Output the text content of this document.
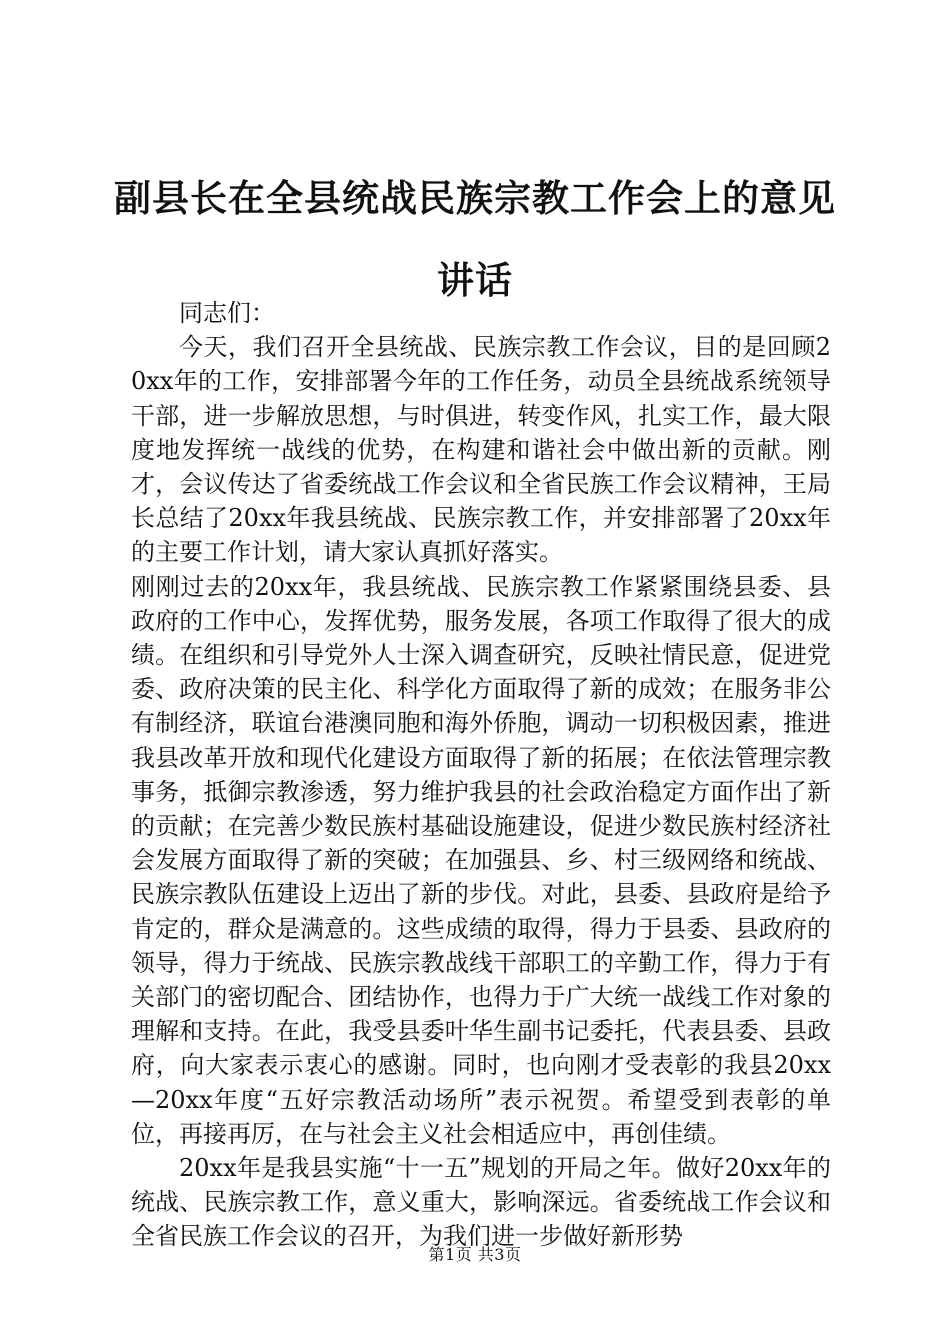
副县长在全县统战民族宗教工作会上的意见讲话

同志们：

今天，我们召开全县统战、民族宗教工作会议，目的是回顾20xx年的工作，安排部署今年的工作任务，动员全县统战系统领导干部，进一步解放思想，与时俱进，转变作风，扎实工作，最大限度地发挥统一战线的优势，在构建和谐社会中做出新的贡献。刚才，会议传达了省委统战工作会议和全省民族工作会议精神，王局长总结了20xx年我县统战、民族宗教工作，并安排部署了20xx年的主要工作计划，请大家认真抓好落实。

刚刚过去的20xx年，我县统战、民族宗教工作紧紧围绕县委、县政府的工作中心，发挥优势，服务发展，各项工作取得了很大的成绩。在组织和引导党外人士深入调查研究，反映社情民意，促进党委、政府决策的民主化、科学化方面取得了新的成效；在服务非公有制经济，联谊台港澳同胞和海外侨胞，调动一切积极因素，推进我县改革开放和现代化建设方面取得了新的拓展；在依法管理宗教事务，抵御宗教渗透，努力维护我县的社会政治稳定方面作出了新的贡献；在完善少数民族村基础设施建设，促进少数民族村经济社会发展方面取得了新的突破；在加强县、乡、村三级网络和统战、民族宗教队伍建设上迈出了新的步伐。对此，县委、县政府是给予肯定的，群众是满意的。这些成绩的取得，得力于县委、县政府的领导，得力于统战、民族宗教战线干部职工的辛勤工作，得力于有关部门的密切配合、团结协作，也得力于广大统一战线工作对象的理解和支持。在此，我受县委叶华生副书记委托，代表县委、县政府，向大家表示衷心的感谢。同时，也向刚才受表彰的我县20xx—20xx年度“五好宗教活动场所”表示祝贺。希望受到表彰的单位，再接再厉，在与社会主义社会相适应中，再创佳绩。

20xx年是我县实施“十一五”规划的开局之年。做好20xx年的统战、民族宗教工作，意义重大，影响深远。省委统战工作会议和全省民族工作会议的召开，为我们进一步做好新形势

第1页 共3页
